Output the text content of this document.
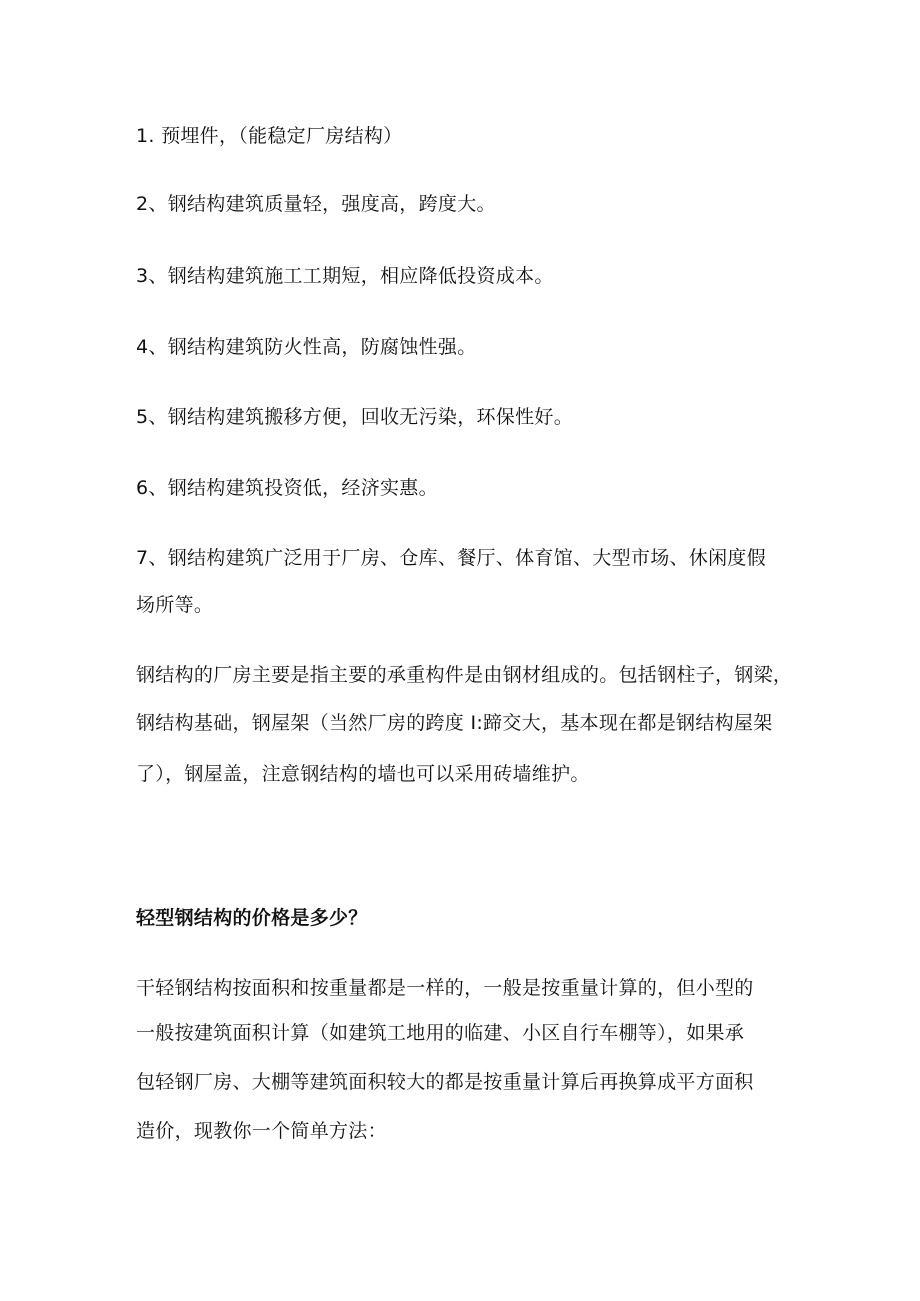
1. 预埋件，（能稳定厂房结构）
2、钢结构建筑质量轻，强度高，跨度大。
3、钢结构建筑施工工期短，相应降低投资成本。
4、钢结构建筑防火性高，防腐蚀性强。
5、钢结构建筑搬移方便，回收无污染，环保性好。
6、钢结构建筑投资低，经济实惠。
7、钢结构建筑广泛用于厂房、仓库、餐厅、体育馆、大型市场、休闲度假
场所等。
钢结构的厂房主要是指主要的承重构件是由钢材组成的。包括钢柱子，钢梁，
钢结构基础，钢屋架（当然厂房的跨度 I:蹄交大，基本现在都是钢结构屋架
了），钢屋盖，注意钢结构的墙也可以采用砖墙维护。
轻型钢结构的价格是多少？
干轻钢结构按面积和按重量都是一样的，一般是按重量计算的，但小型的
一般按建筑面积计算（如建筑工地用的临建、小区自行车棚等），如果承
包轻钢厂房、大棚等建筑面积较大的都是按重量计算后再换算成平方面积
造价，现教你一个简单方法：
